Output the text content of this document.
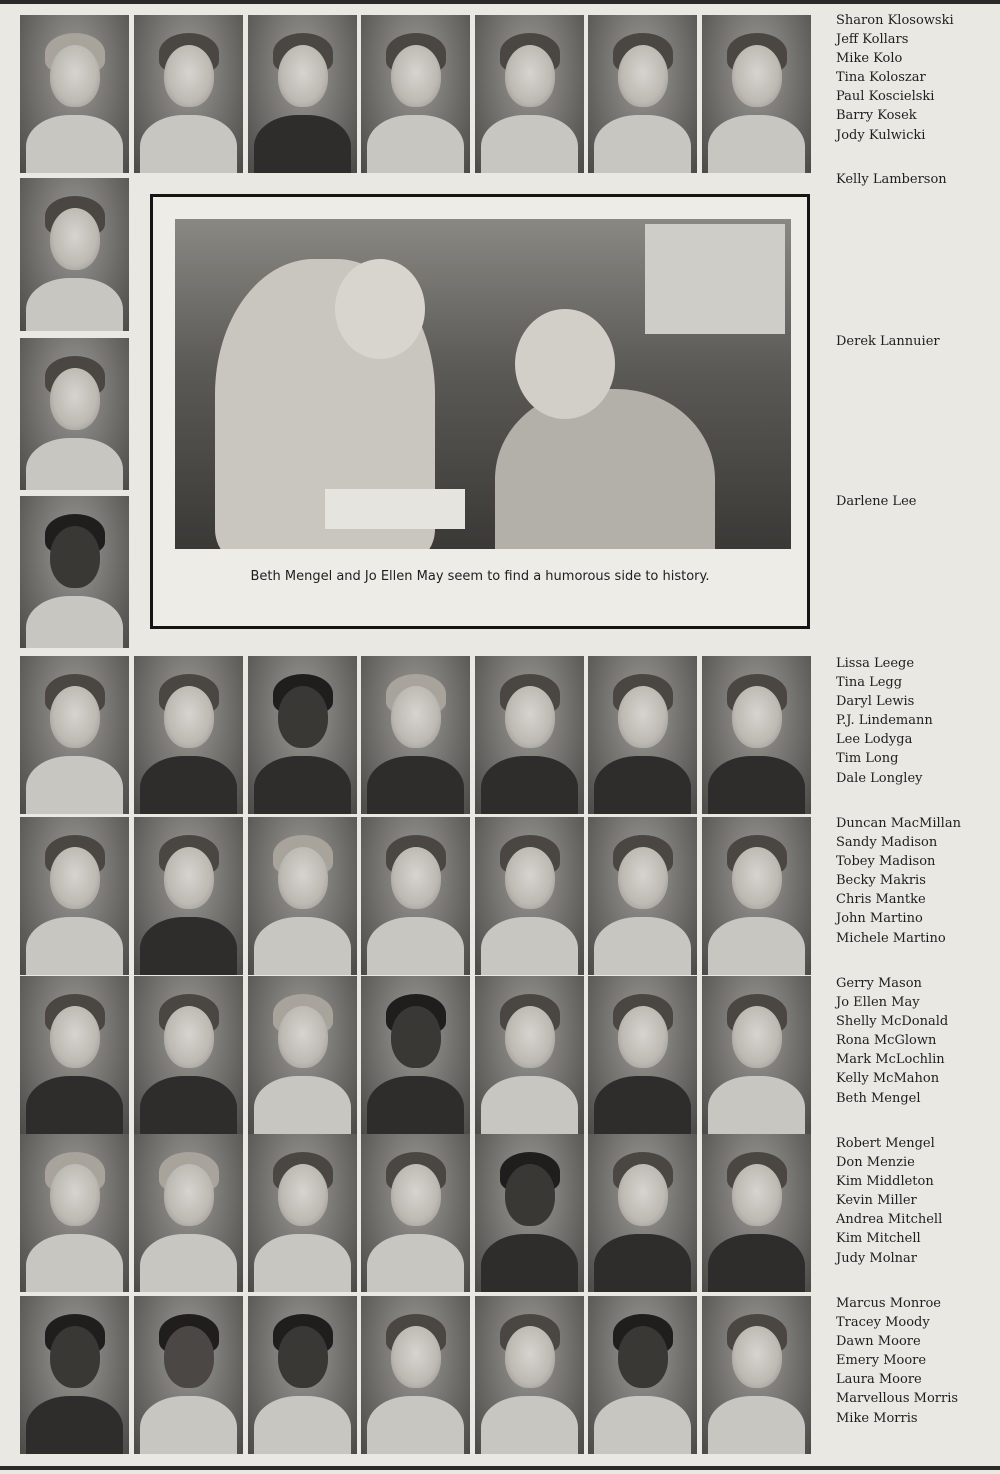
Sharon Klosowski
Jeff Kollars
Mike Kolo
Tina Koloszar
Paul Koscielski
Barry Kosek
Jody Kulwicki
Kelly Lamberson
Derek Lannuier
Darlene Lee
Beth Mengel and Jo Ellen May seem to find a humorous side to history.
Lissa Leege
Tina Legg
Daryl Lewis
P.J. Lindemann
Lee Lodyga
Tim Long
Dale Longley
Duncan MacMillan
Sandy Madison
Tobey Madison
Becky Makris
Chris Mantke
John Martino
Michele Martino
Gerry Mason
Jo Ellen May
Shelly McDonald
Rona McGlown
Mark McLochlin
Kelly McMahon
Beth Mengel
Robert Mengel
Don Menzie
Kim Middleton
Kevin Miller
Andrea Mitchell
Kim Mitchell
Judy Molnar
Marcus Monroe
Tracey Moody
Dawn Moore
Emery Moore
Laura Moore
Marvellous Morris
Mike Morris
